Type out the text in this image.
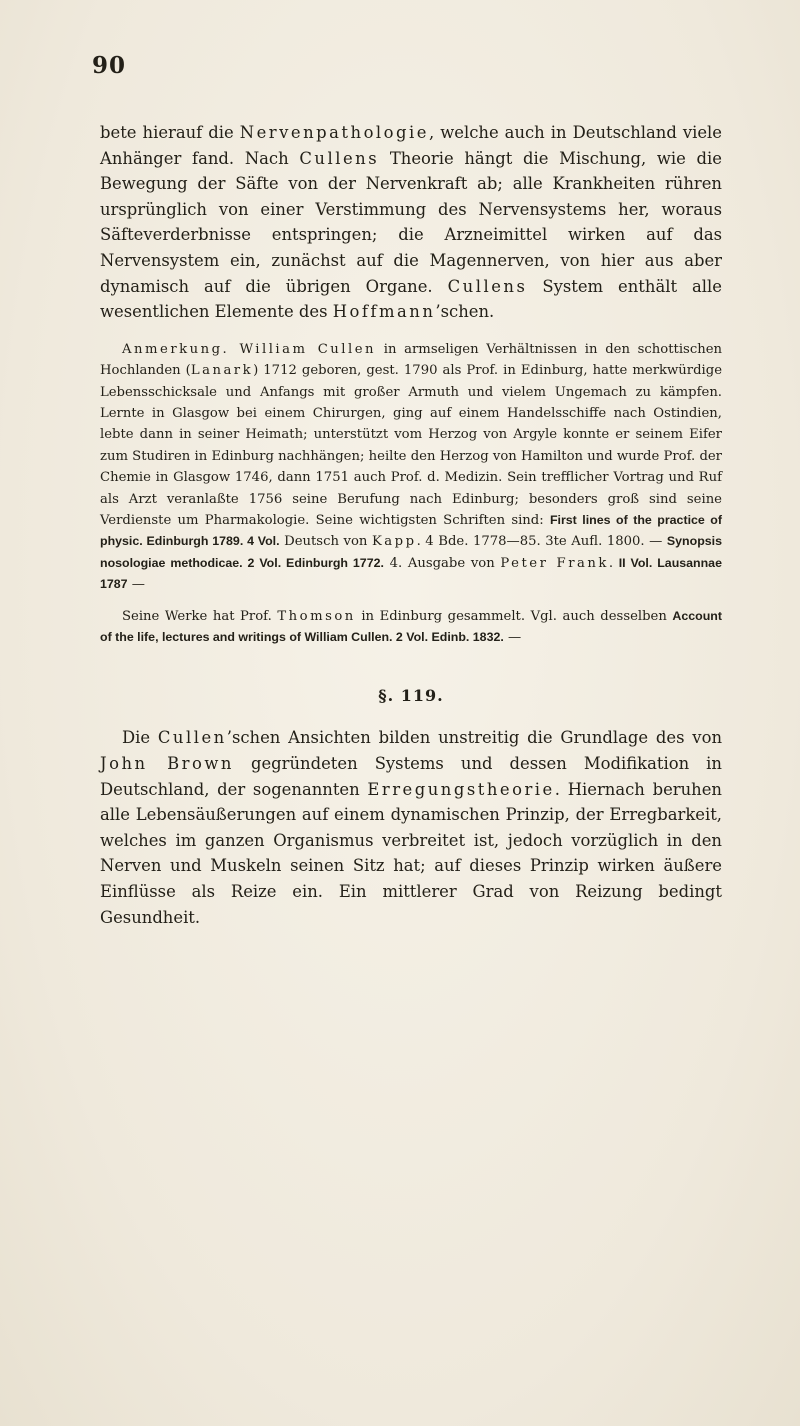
90

bete hierauf die Nervenpathologie, welche auch in Deutschland viele Anhänger fand. Nach Cullens Theorie hängt die Mischung, wie die Bewegung der Säfte von der Nervenkraft ab; alle Krankheiten rühren ursprünglich von einer Verstimmung des Nervensystems her, woraus Säfteverderbnisse entspringen; die Arzneimittel wirken auf das Nervensystem ein, zunächst auf die Magennerven, von hier aus aber dynamisch auf die übrigen Organe. Cullens System enthält alle wesentlichen Elemente des Hoffmann’schen.

Anmerkung. William Cullen in armseligen Verhältnissen in den schottischen Hochlanden (Lanark) 1712 geboren, gest. 1790 als Prof. in Edinburg, hatte merkwürdige Lebensschicksale und Anfangs mit großer Armuth und vielem Ungemach zu kämpfen. Lernte in Glasgow bei einem Chirurgen, ging auf einem Handelsschiffe nach Ostindien, lebte dann in seiner Heimath; unterstützt vom Herzog von Argyle konnte er seinem Eifer zum Studiren in Edinburg nachhängen; heilte den Herzog von Hamilton und wurde Prof. der Chemie in Glasgow 1746, dann 1751 auch Prof. d. Medizin. Sein trefflicher Vortrag und Ruf als Arzt veranlaßte 1756 seine Berufung nach Edinburg; besonders groß sind seine Verdienste um Pharmakologie. Seine wichtigsten Schriften sind: First lines of the practice of physic. Edinburgh 1789. 4 Vol. Deutsch von Kapp. 4 Bde. 1778—85. 3te Aufl. 1800. — Synopsis nosologiae methodicae. 2 Vol. Edinburgh 1772. 4. Ausgabe von Peter Frank. II Vol. Lausannae 1787 —

Seine Werke hat Prof. Thomson in Edinburg gesammelt. Vgl. auch desselben Account of the life, lectures and writings of William Cullen. 2 Vol. Edinb. 1832. —

§. 119.

Die Cullen’schen Ansichten bilden unstreitig die Grundlage des von John Brown gegründeten Systems und dessen Modifikation in Deutschland, der sogenannten Erregungstheorie. Hiernach beruhen alle Lebensäußerungen auf einem dynamischen Prinzip, der Erregbarkeit, welches im ganzen Organismus verbreitet ist, jedoch vorzüglich in den Nerven und Muskeln seinen Sitz hat; auf dieses Prinzip wirken äußere Einflüsse als Reize ein. Ein mittlerer Grad von Reizung bedingt Gesundheit.
